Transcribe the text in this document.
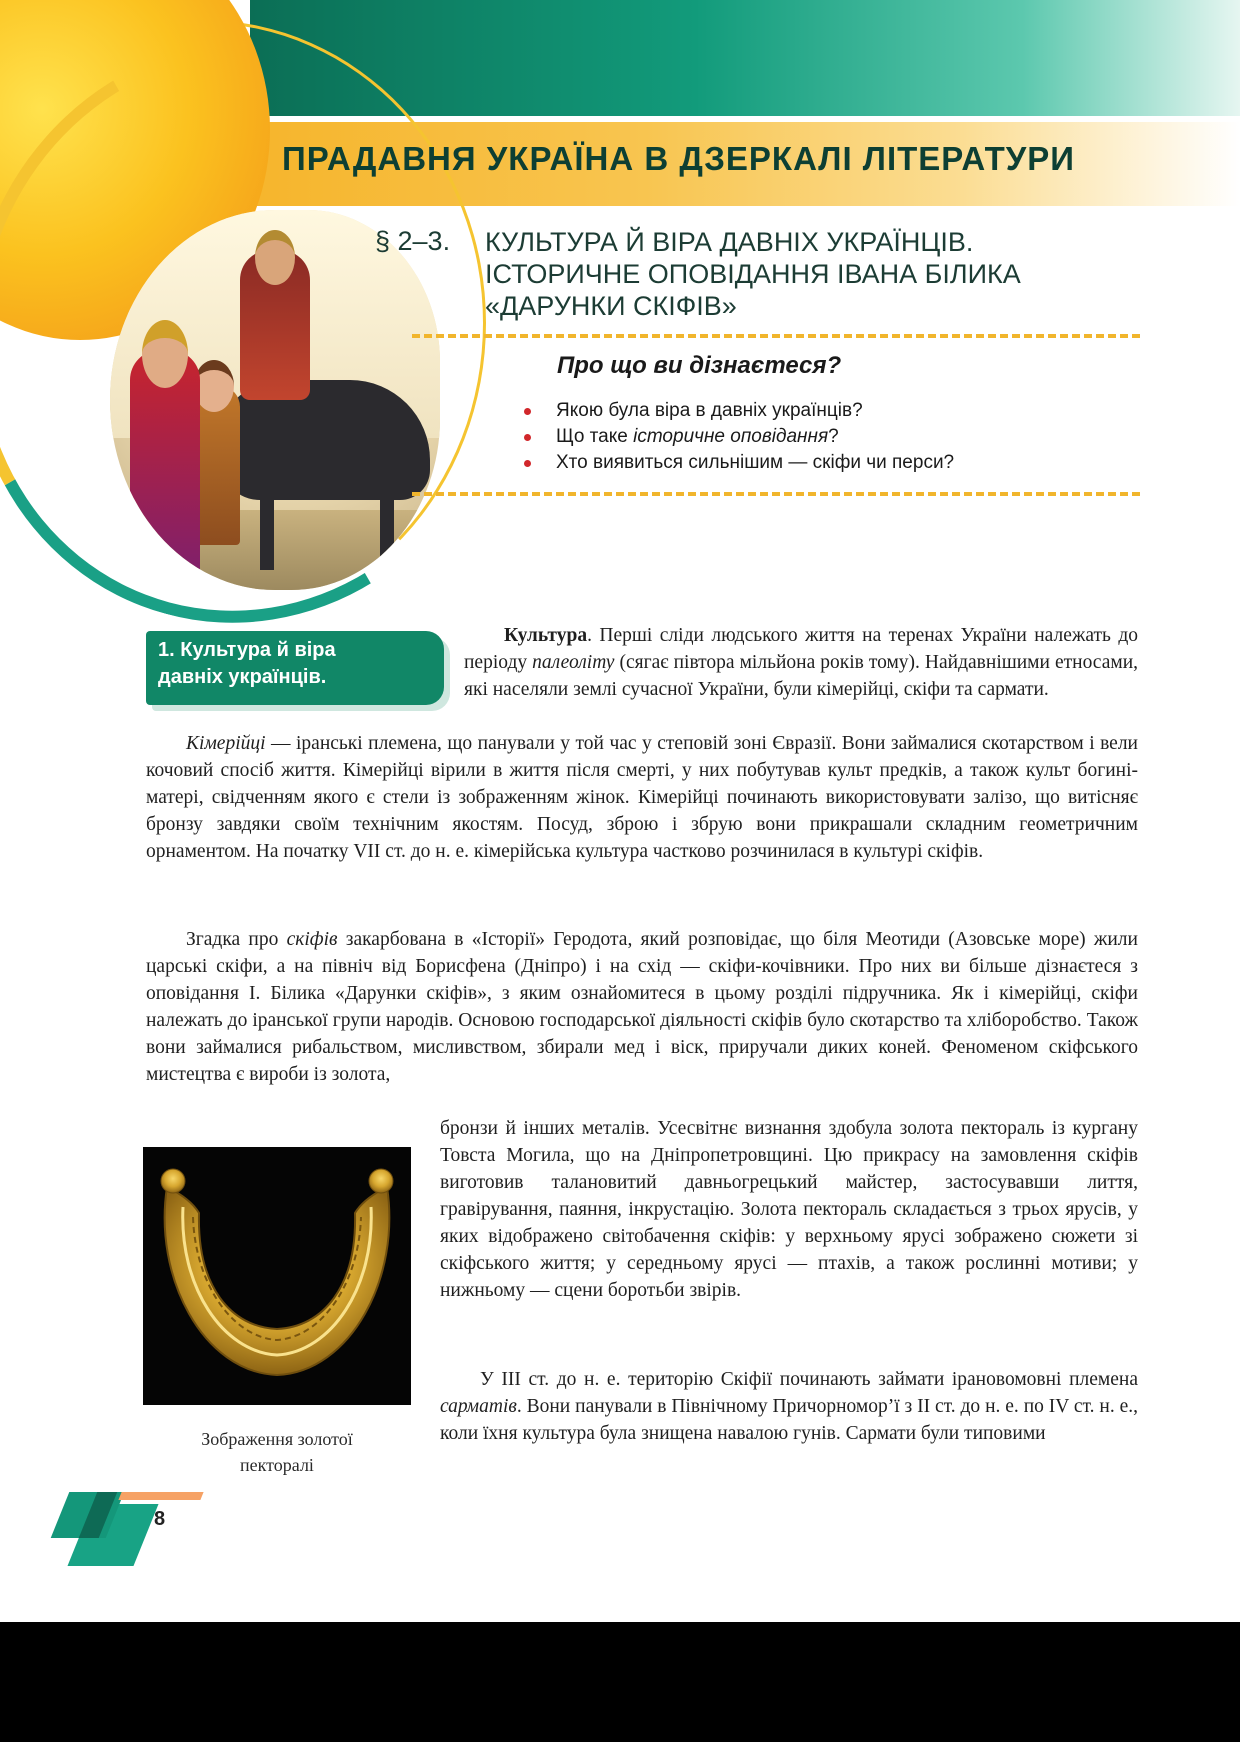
ПРАДАВНЯ УКРАЇНА В ДЗЕРКАЛІ ЛІТЕРАТУРИ
§ 2–3. КУЛЬТУРА Й ВІРА ДАВНІХ УКРАЇНЦІВ.
ІСТОРИЧНЕ ОПОВІДАННЯ ІВАНА БІЛИКА
«ДАРУНКИ СКІФІВ»
Про що ви дізнаєтеся?
Якою була віра в давніх українців?
Що таке історичне оповідання?
Хто виявиться сильнішим — скіфи чи перси?
1. Культура й віра
давніх українців.

Культура. Перші сліди людського життя на теренах України належать до періоду палеоліту (сягає півтора мільйона років тому). Найдавнішими етносами, які населяли землі сучасної України, були кімерійці, скіфи та сармати.

Кімерійці — іранські племена, що панували у той час у степовій зоні Євразії. Вони займалися скотарством і вели кочовий спосіб життя. Кімерійці вірили в життя після смерті, у них побутував культ предків, а також культ богині-матері, свідченням якого є стели із зображенням жінок. Кімерійці починають використовувати залізо, що витісняє бронзу завдяки своїм технічним якостям. Посуд, зброю і збрую вони прикрашали складним геометричним орнаментом. На початку VII ст. до н. е. кімерійська культура частково розчинилася в культурі скіфів.

Згадка про скіфів закарбована в «Історії» Геродота, який розповідає, що біля Меотиди (Азовське море) жили царські скіфи, а на північ від Борисфена (Дніпро) і на схід — скіфи-кочівники. Про них ви більше дізнаєтеся з оповідання І. Білика «Дарунки скіфів», з яким ознайомитеся в цьому розділі підручника. Як і кімерійці, скіфи належать до іранської групи народів. Основою господарської діяльності скіфів було скотарство та хліборобство. Також вони займалися рибальством, мисливством, збирали мед і віск, приручали диких коней. Феноменом скіфського мистецтва є вироби із золота,

бронзи й інших металів. Усесвітнє визнання здобула золота пектораль із кургану Товста Могила, що на Дніпропетровщині. Цю прикрасу на замовлення скіфів виготовив талановитий давньогрецький майстер, застосувавши лиття, гравірування, паяння, інкрустацію. Золота пектораль складається з трьох ярусів, у яких відображено світобачення скіфів: у верхньому ярусі зображено сюжети зі скіфського життя; у середньому ярусі — птахів, а також рослинні мотиви; у нижньому — сцени боротьби звірів.

У III ст. до н. е. територію Скіфії починають займати ірановомовні племена сарматів. Вони панували в Північному Причорномор’ї з II ст. до н. е. по IV ст. н. е., коли їхня культура була знищена навалою гунів. Сармати були типовими

Зображення золотої
пекторалі
8
